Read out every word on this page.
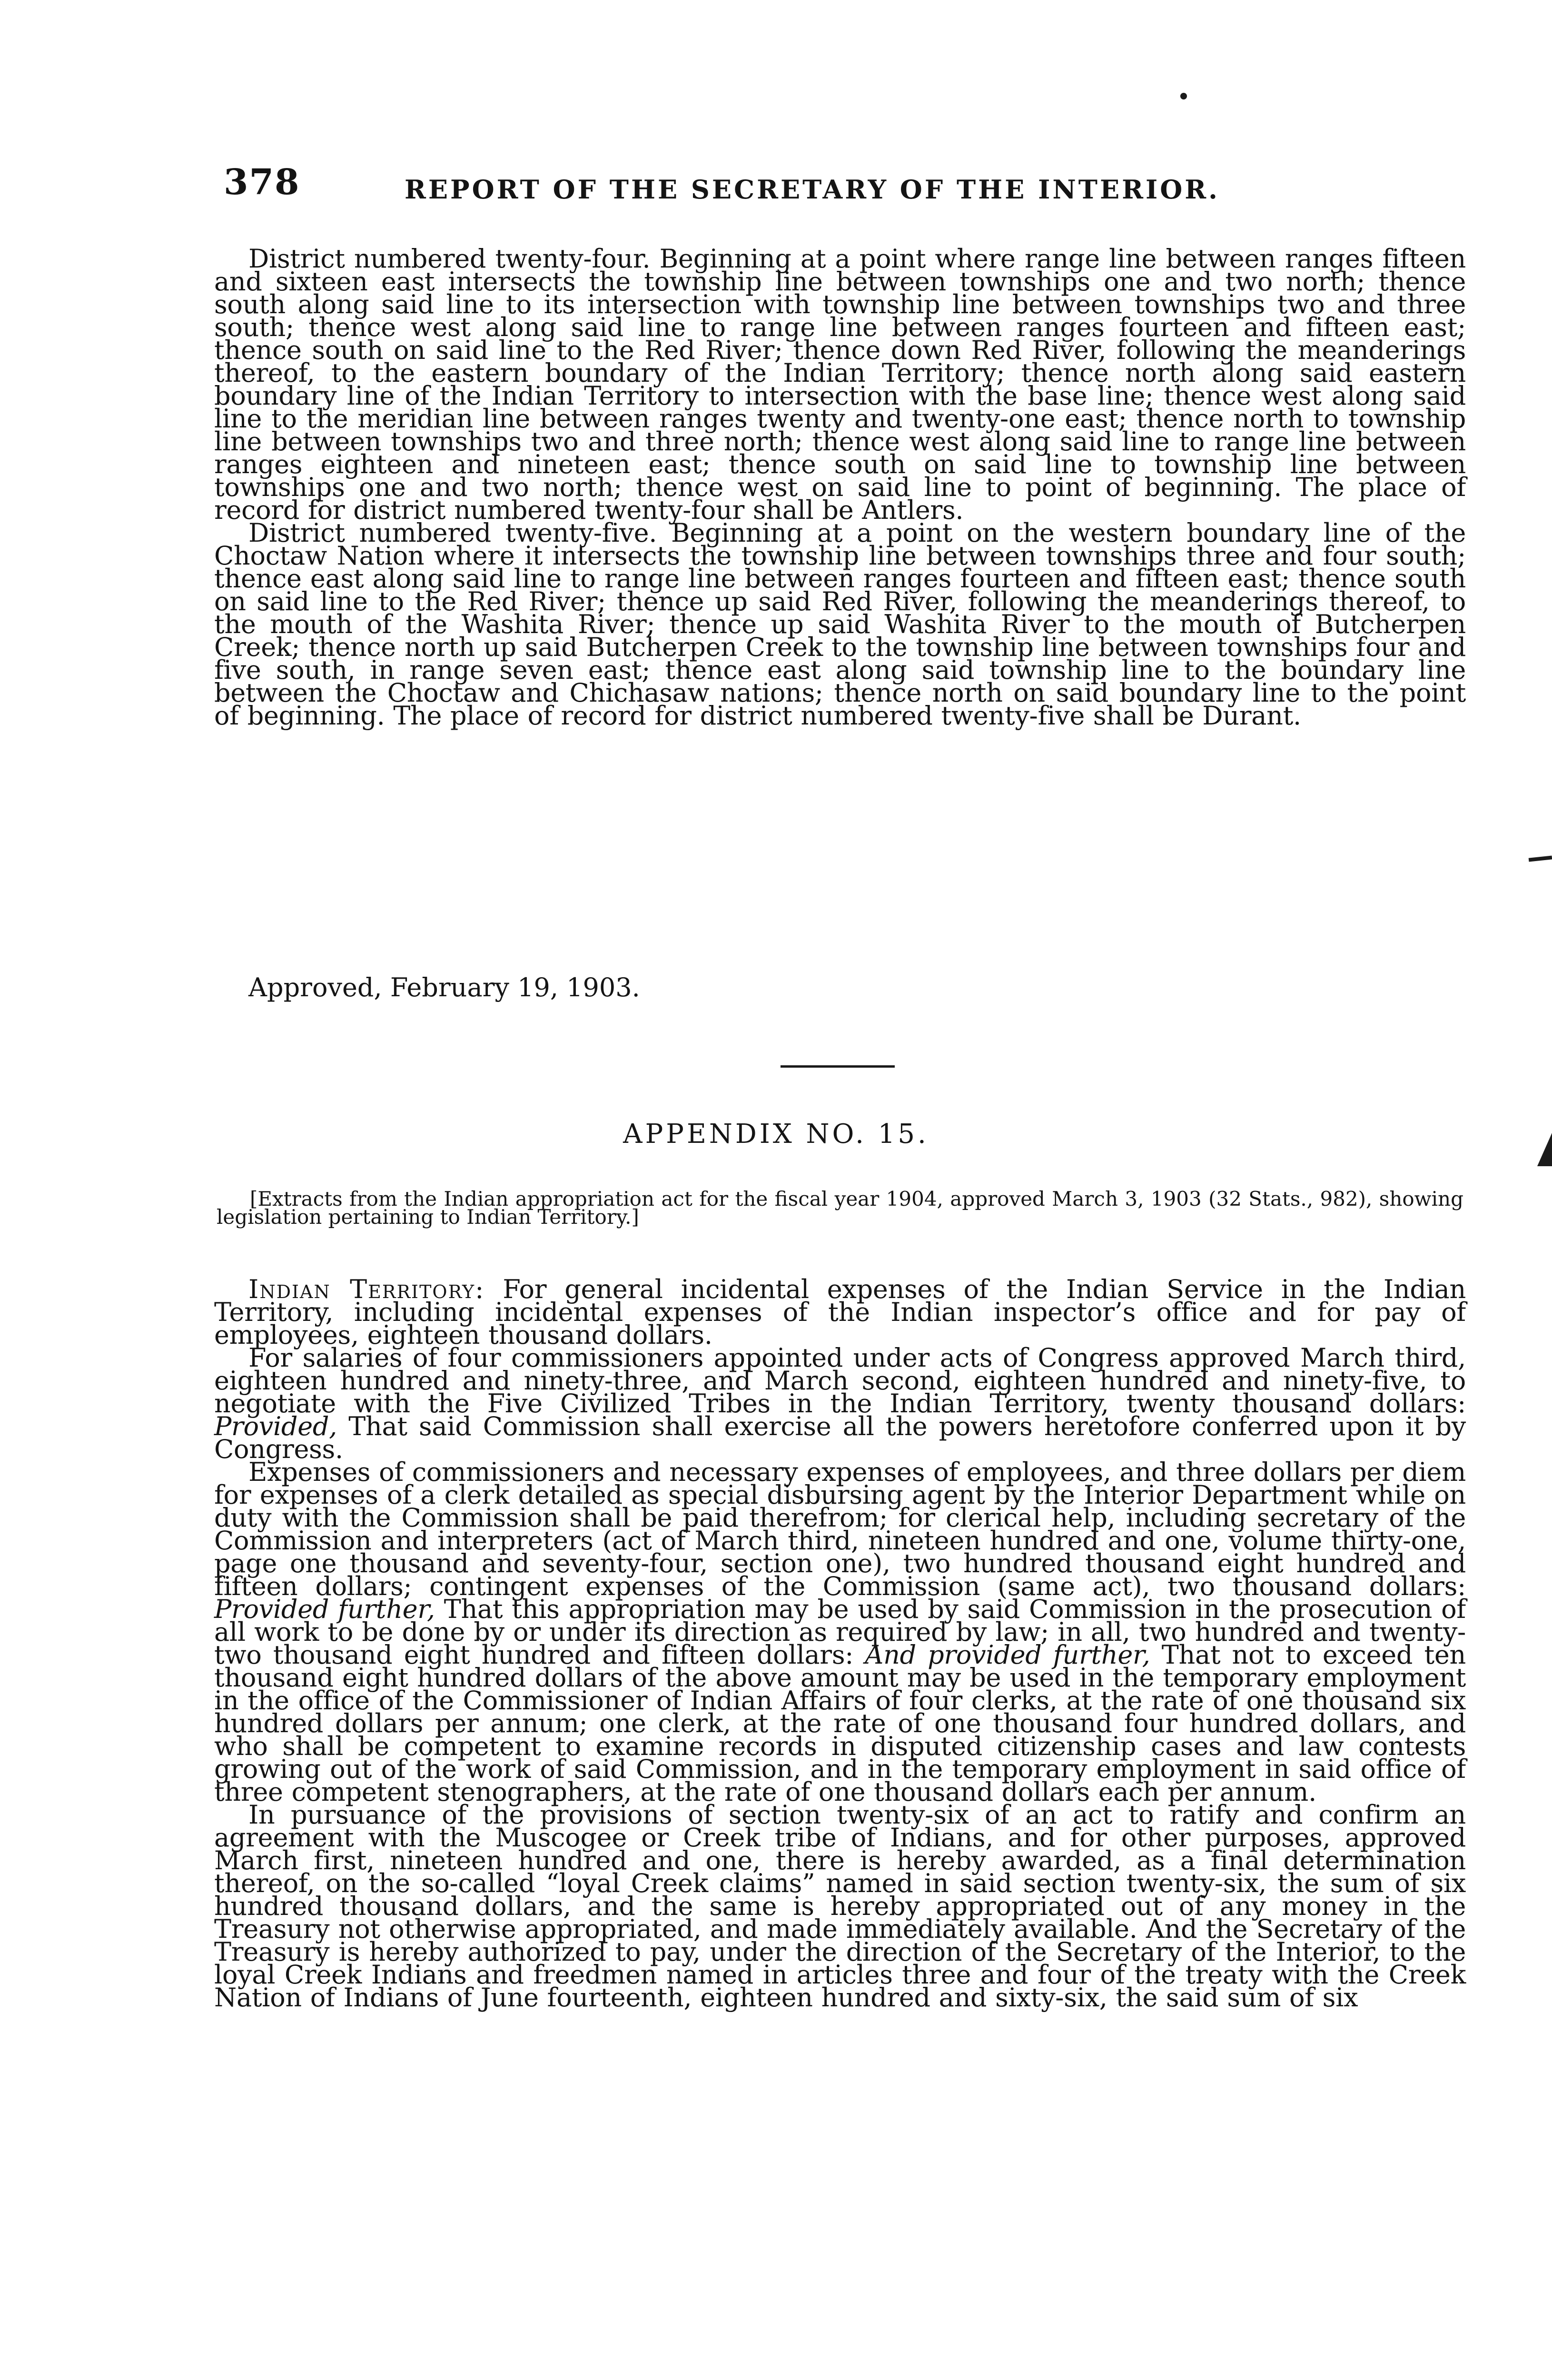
378	REPORT OF THE SECRETARY OF THE INTERIOR.

District numbered twenty-four. Beginning at a point where range line between ranges fifteen and sixteen east intersects the township line between townships one and two north; thence south along said line to its intersection with township line between townships two and three south; thence west along said line to range line between ranges fourteen and fifteen east; thence south on said line to the Red River; thence down Red River, following the meanderings thereof, to the eastern boundary of the Indian Territory; thence north along said eastern boundary line of the Indian Territory to intersection with the base line; thence west along said line to the meridian line between ranges twenty and twenty-one east; thence north to township line between townships two and three north; thence west along said line to range line between ranges eighteen and nineteen east; thence south on said line to township line between townships one and two north; thence west on said line to point of beginning. The place of record for district numbered twenty-four shall be Antlers.

District numbered twenty-five. Beginning at a point on the western boundary line of the Choctaw Nation where it intersects the township line between townships three and four south; thence east along said line to range line between ranges fourteen and fifteen east; thence south on said line to the Red River; thence up said Red River, following the meanderings thereof, to the mouth of the Washita River; thence up said Washita River to the mouth of Butcherpen Creek; thence north up said Butcherpen Creek to the township line between townships four and five south, in range seven east; thence east along said township line to the boundary line between the Choctaw and Chichasaw nations; thence north on said boundary line to the point of beginning. The place of record for district numbered twenty-five shall be Durant.

Approved, February 19, 1903.
APPENDIX NO. 15.
[Extracts from the Indian appropriation act for the fiscal year 1904, approved March 3, 1903 (32 Stats., 982), showing legislation pertaining to Indian Territory.]

Indian Territory: For general incidental expenses of the Indian Service in the Indian Territory, including incidental expenses of the Indian inspector’s office and for pay of employees, eighteen thousand dollars.

For salaries of four commissioners appointed under acts of Congress approved March third, eighteen hundred and ninety-three, and March second, eighteen hundred and ninety-five, to negotiate with the Five Civilized Tribes in the Indian Territory, twenty thousand dollars: Provided, That said Commission shall exercise all the powers heretofore conferred upon it by Congress.

Expenses of commissioners and necessary expenses of employees, and three dollars per diem for expenses of a clerk detailed as special disbursing agent by the Interior Department while on duty with the Commission shall be paid therefrom; for clerical help, including secretary of the Commission and interpreters (act of March third, nineteen hundred and one, volume thirty-one, page one thousand and seventy-four, section one), two hundred thousand eight hundred and fifteen dollars; contingent expenses of the Commission (same act), two thousand dollars: Provided further, That this appropriation may be used by said Commission in the prosecution of all work to be done by or under its direction as required by law; in all, two hundred and twenty-two thousand eight hundred and fifteen dollars: And provided further, That not to exceed ten thousand eight hundred dollars of the above amount may be used in the temporary employment in the office of the Commissioner of Indian Affairs of four clerks, at the rate of one thousand six hundred dollars per annum; one clerk, at the rate of one thousand four hundred dollars, and who shall be competent to examine records in disputed citizenship cases and law contests growing out of the work of said Commission, and in the temporary employment in said office of three competent stenographers, at the rate of one thousand dollars each per annum.

In pursuance of the provisions of section twenty-six of an act to ratify and confirm an agreement with the Muscogee or Creek tribe of Indians, and for other purposes, approved March first, nineteen hundred and one, there is hereby awarded, as a final determination thereof, on the so-called “loyal Creek claims” named in said section twenty-six, the sum of six hundred thousand dollars, and the same is hereby appropriated out of any money in the Treasury not otherwise appropriated, and made immediately available. And the Secretary of the Treasury is hereby authorized to pay, under the direction of the Secretary of the Interior, to the loyal Creek Indians and freedmen named in articles three and four of the treaty with the Creek Nation of Indians of June fourteenth, eighteen hundred and sixty-six, the said sum of six
